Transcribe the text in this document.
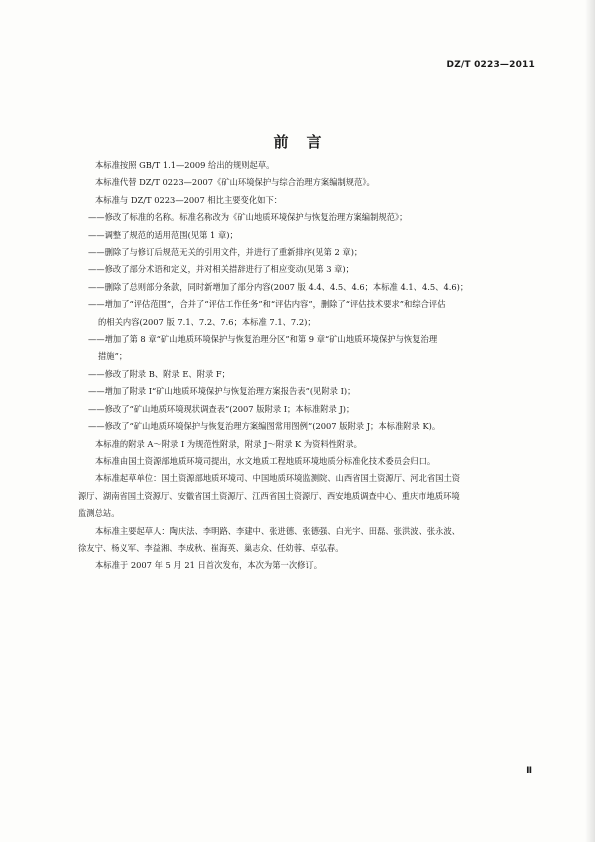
DZ/T 0223—2011
前言

本标准按照 GB/T 1.1—2009 给出的规则起草。

本标准代替 DZ/T 0223—2007《矿山环境保护与综合治理方案编制规范》。

本标准与 DZ/T 0223—2007 相比主要变化如下：

——修改了标准的名称。标准名称改为《矿山地质环境保护与恢复治理方案编制规范》；

——调整了规范的适用范围(见第 1 章)；

——删除了与修订后规范无关的引用文件，并进行了重新排序(见第 2 章)；

——修改了部分术语和定义，并对相关措辞进行了相应变动(见第 3 章)；

——删除了总则部分条款，同时新增加了部分内容(2007 版 4.4、4.5、4.6；本标准 4.1、4.5、4.6)；

——增加了“评估范围”，合并了“评估工作任务”和“评估内容”，删除了“评估技术要求”和综合评估

的相关内容(2007 版 7.1、7.2、7.6；本标准 7.1、7.2)；

——增加了第 8 章“矿山地质环境保护与恢复治理分区”和第 9 章“矿山地质环境保护与恢复治理

措施”；

——修改了附录 B、附录 E、附录 F；

——增加了附录 I“矿山地质环境保护与恢复治理方案报告表”(见附录 I)；

——修改了“矿山地质环境现状调查表”(2007 版附录 I；本标准附录 J)；

——修改了“矿山地质环境保护与恢复治理方案编图常用图例”(2007 版附录 J；本标准附录 K)。

本标准的附录 A～附录 I 为规范性附录，附录 J～附录 K 为资料性附录。

本标准由国土资源部地质环境司提出，水文地质工程地质环境地质分标准化技术委员会归口。

本标准起草单位：国土资源部地质环境司、中国地质环境监测院、山西省国土资源厅、河北省国土资

源厅、湖南省国土资源厅、安徽省国土资源厅、江西省国土资源厅、西安地质调查中心、重庆市地质环境

监测总站。

本标准主要起草人：陶庆法、李明路、李建中、张进德、张德强、白光宇、田磊、张洪波、张永波、

徐友宁、杨义军、李益湘、李成秋、崔海英、巢志众、任幼蓉、卓弘春。

本标准于 2007 年 5 月 21 日首次发布，本次为第一次修订。

Ⅱ
